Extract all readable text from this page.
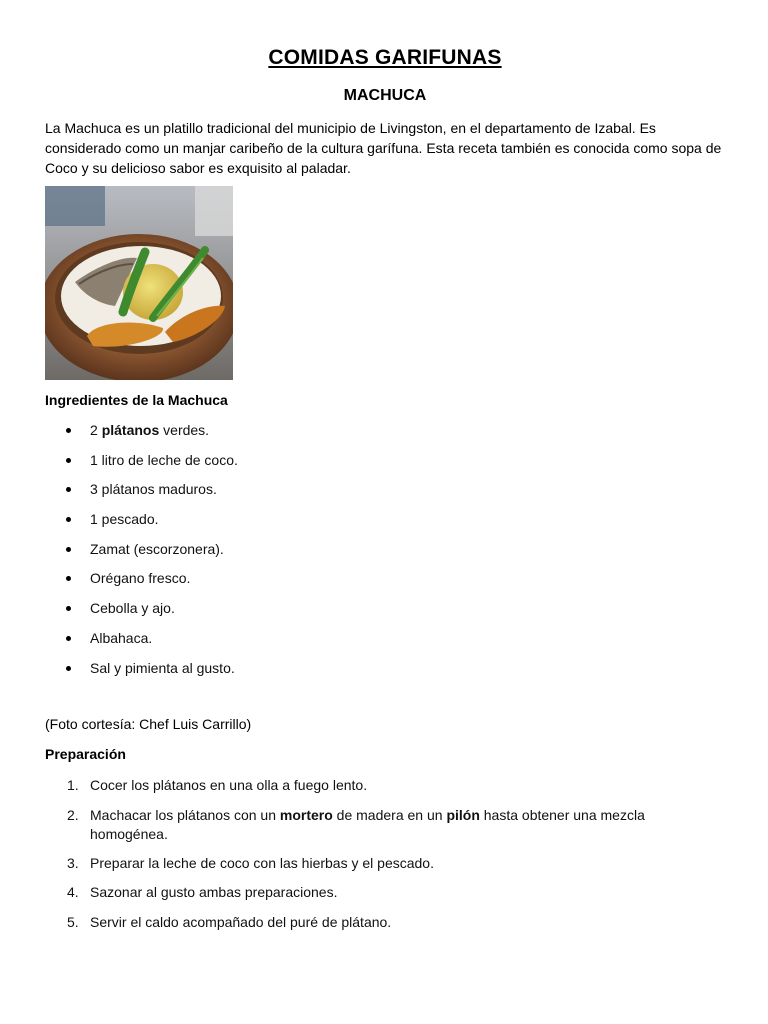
COMIDAS GARIFUNAS
MACHUCA

La Machuca es un platillo tradicional del municipio de Livingston, en el departamento de Izabal. Es considerado como un manjar caribeño de la cultura garífuna. Esta receta también es conocida como sopa de Coco y su delicioso sabor es exquisito al paladar.

Ingredientes de la Machuca

2 plátanos verdes.
1 litro de leche de coco.
3 plátanos maduros.
1 pescado.
Zamat (escorzonera).
Orégano fresco.
Cebolla y ajo.
Albahaca.
Sal y pimienta al gusto.

(Foto cortesía: Chef Luis Carrillo)

Preparación

1. Cocer los plátanos en una olla a fuego lento.
2. Machacar los plátanos con un mortero de madera en un pilón hasta obtener una mezcla homogénea.
3. Preparar la leche de coco con las hierbas y el pescado.
4. Sazonar al gusto ambas preparaciones.
5. Servir el caldo acompañado del puré de plátano.
